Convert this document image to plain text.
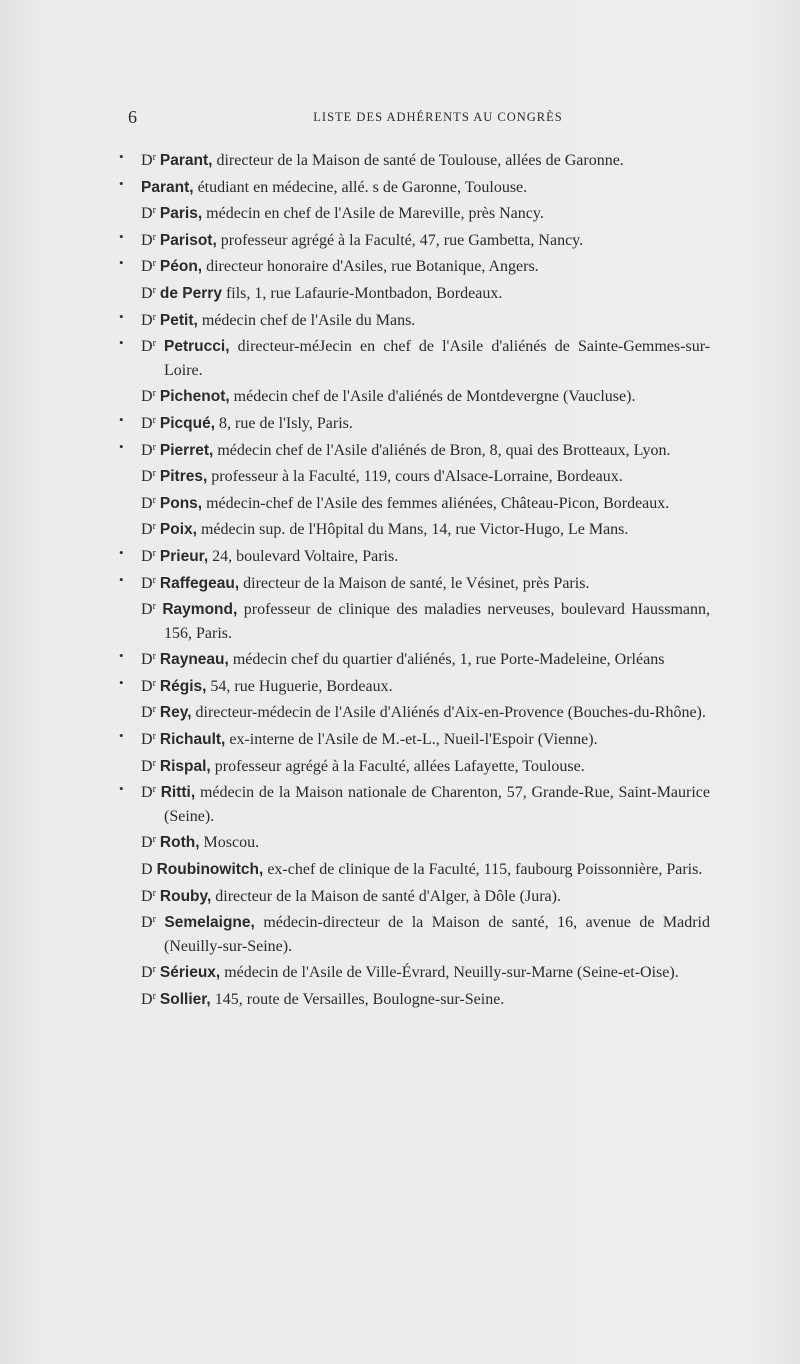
6	LISTE DES ADHÉRENTS AU CONGRÈS

• $D^r$ Parant, directeur de la Maison de santé de Toulouse, allées de Garonne.

• Parant, étudiant en médecine, allé. s de Garonne, Toulouse.

$D^r$ Paris, médecin en chef de l'Asile de Mareville, près Nancy.

• $D^r$ Parisot, professeur agrégé à la Faculté, 47, rue Gambetta, Nancy.

• $D^r$ Péon, directeur honoraire d'Asiles, rue Botanique, Angers.

$D^r$ de Perry fils, 1, rue Lafaurie-Montbadon, Bordeaux.

• $D^r$ Petit, médecin chef de l'Asile du Mans.

• $D^r$ Petrucci, directeur-méJecin en chef de l'Asile d'aliénés de Sainte-Gemmes-sur-Loire.

$D^r$ Pichenot, médecin chef de l'Asile d'aliénés de Montdevergne (Vaucluse).

• $D^r$ Picqué, 8, rue de l'Isly, Paris.

• $D^r$ Pierret, médecin chef de l'Asile d'aliénés de Bron, 8, quai des Brotteaux, Lyon.

$D^r$ Pitres, professeur à la Faculté, 119, cours d'Alsace-Lorraine, Bordeaux.

$D^r$ Pons, médecin-chef de l'Asile des femmes aliénées, Château-Picon, Bordeaux.

$D^r$ Poix, médecin sup. de l'Hôpital du Mans, 14, rue Victor-Hugo, Le Mans.

• $D^r$ Prieur, 24, boulevard Voltaire, Paris.

• $D^r$ Raffegeau, directeur de la Maison de santé, le Vésinet, près Paris.

$D^r$ Raymond, professeur de clinique des maladies nerveuses, boulevard Haussmann, 156, Paris.

• $D^r$ Rayneau, médecin chef du quartier d'aliénés, 1, rue Porte-Madeleine, Orléans

• $D^r$ Régis, 54, rue Huguerie, Bordeaux.

$D^r$ Rey, directeur-médecin de l'Asile d'Aliénés d'Aix-en-Provence (Bouches-du-Rhône).

• $D^r$ Richault, ex-interne de l'Asile de M.-et-L., Nueil-l'Espoir (Vienne).

$D^r$ Rispal, professeur agrégé à la Faculté, allées Lafayette, Toulouse.

• $D^r$ Ritti, médecin de la Maison nationale de Charenton, 57, Grande-Rue, Saint-Maurice (Seine).

$D^r$ Roth, Moscou.

D Roubinowitch, ex-chef de clinique de la Faculté, 115, faubourg Poissonnière, Paris.

$D^r$ Rouby, directeur de la Maison de santé d'Alger, à Dôle (Jura).

$D^r$ Semelaigne, médecin-directeur de la Maison de santé, 16, avenue de Madrid (Neuilly-sur-Seine).

$D^r$ Sérieux, médecin de l'Asile de Ville-Évrard, Neuilly-sur-Marne (Seine-et-Oise).

$D^r$ Sollier, 145, route de Versailles, Boulogne-sur-Seine.
